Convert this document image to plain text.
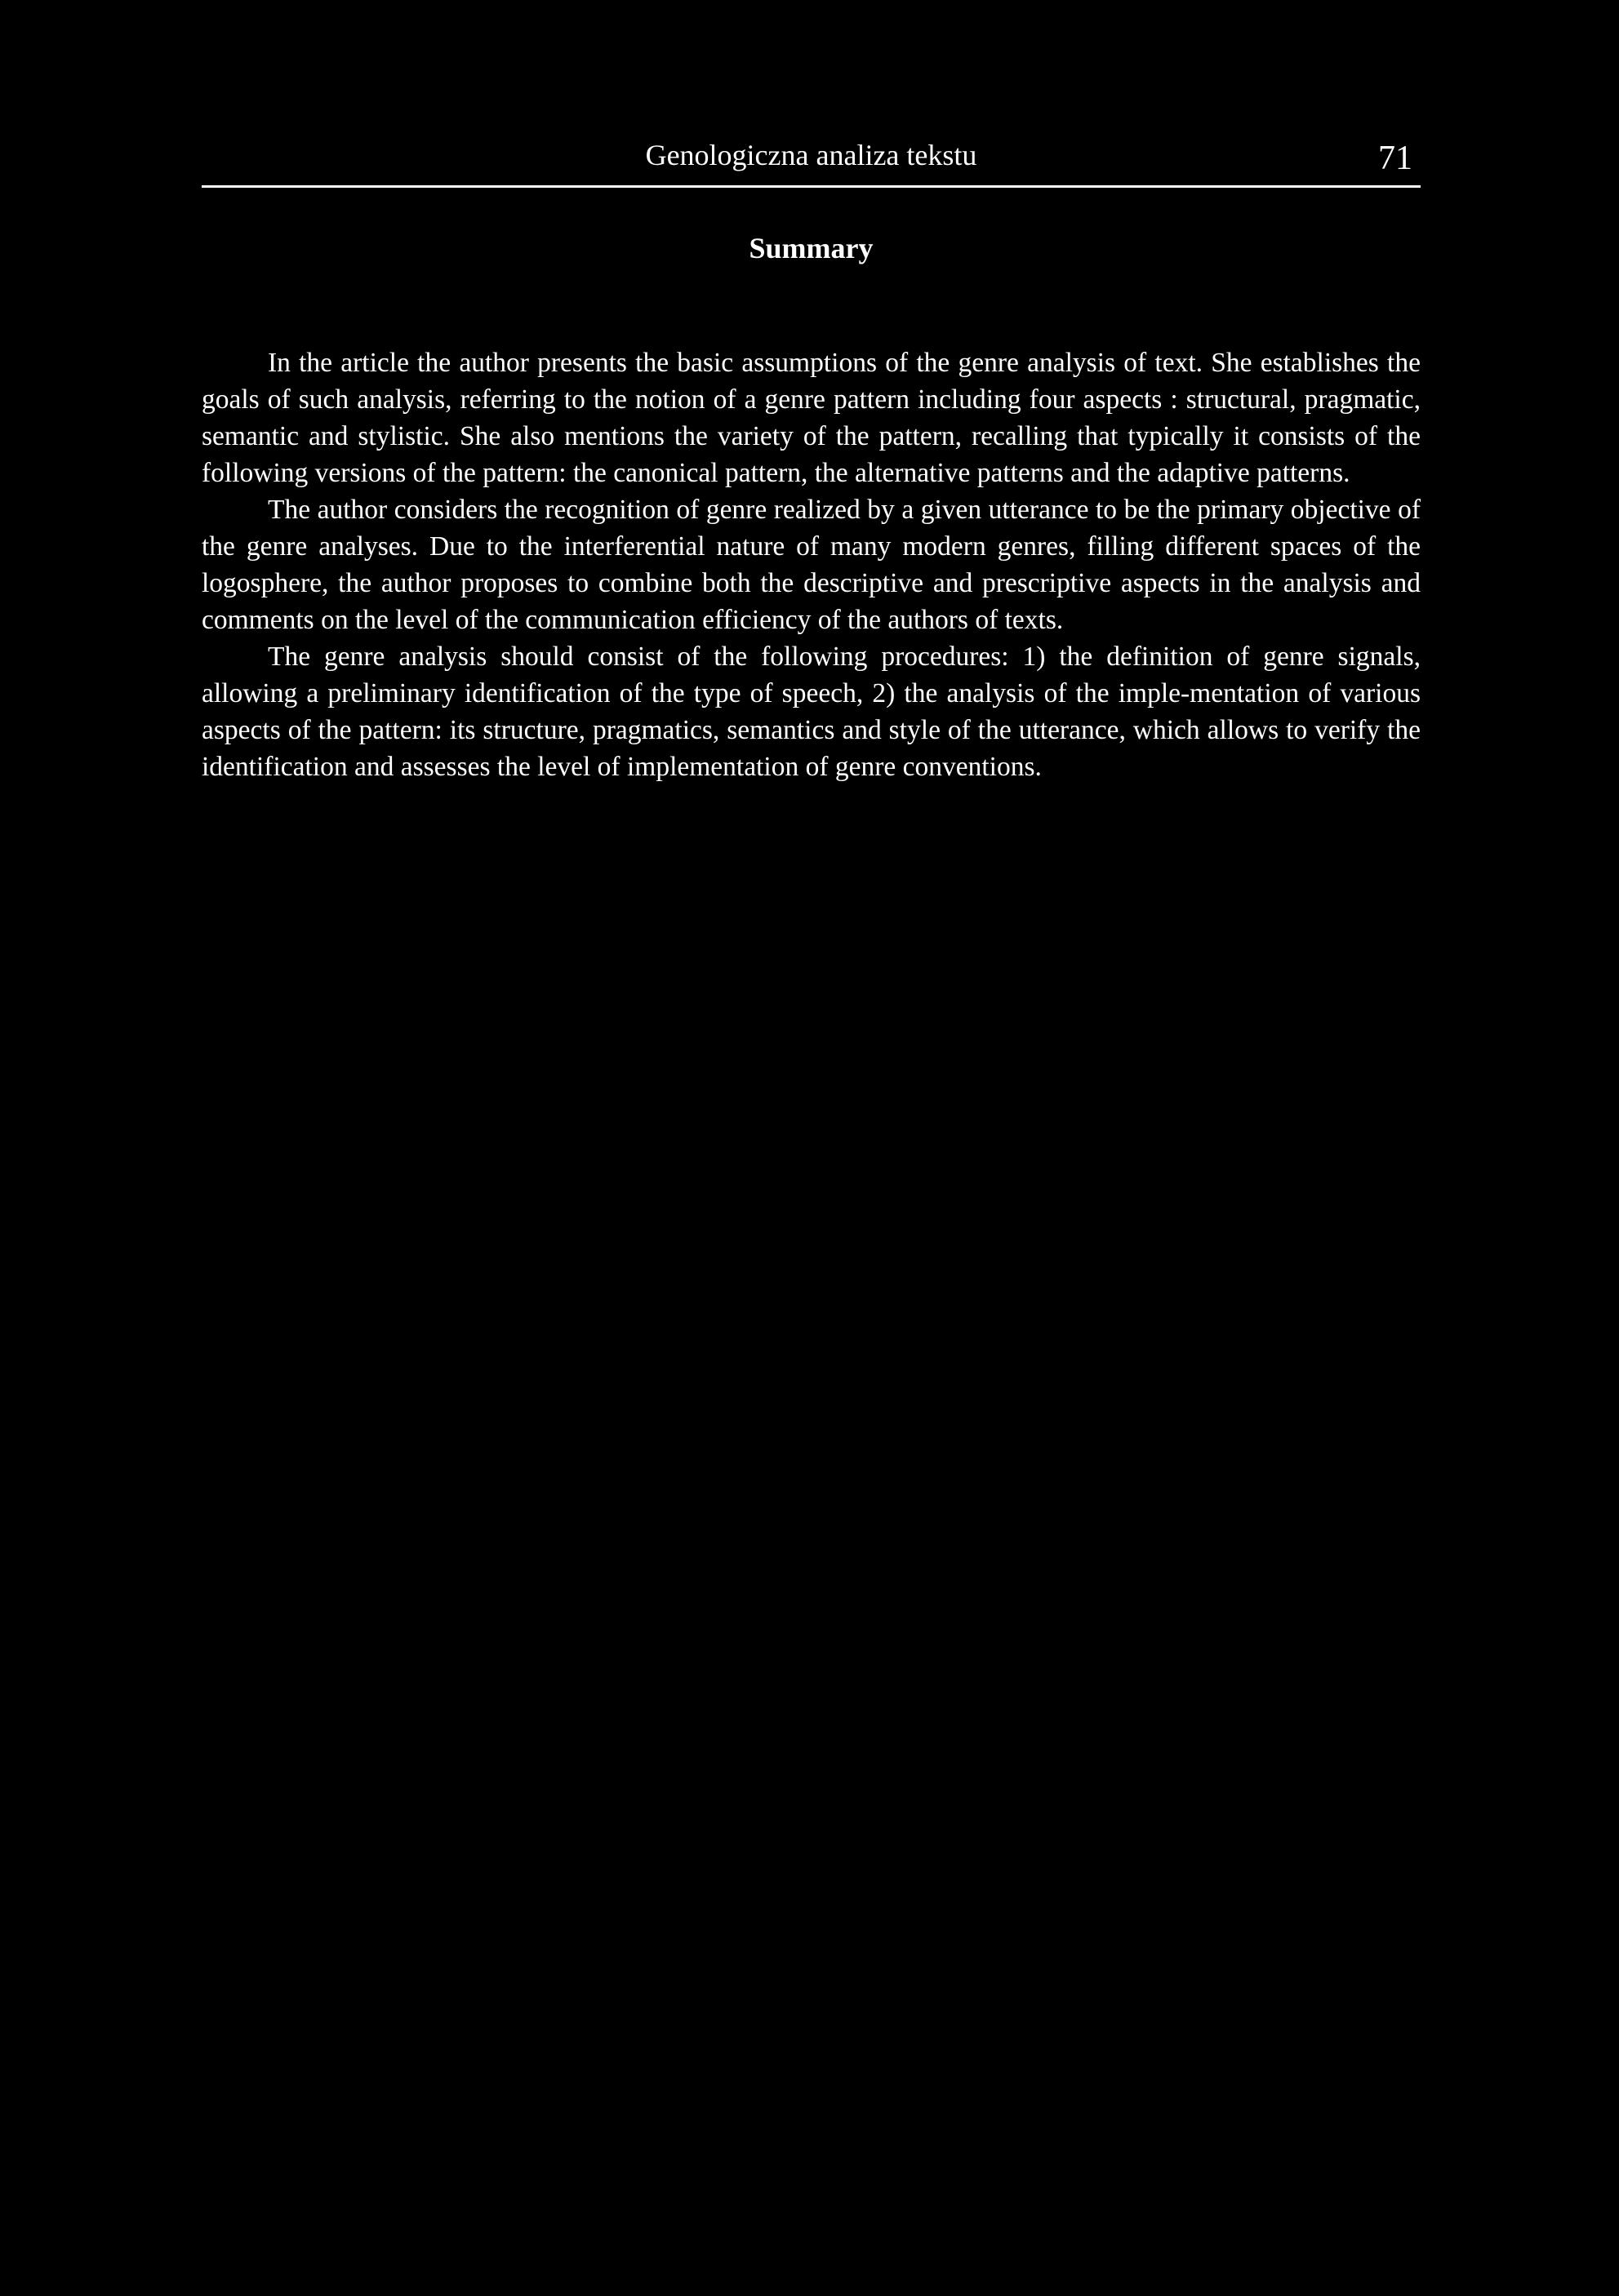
Genologiczna analiza tekstu	71
Summary

In the article the author presents the basic assumptions of the genre analysis of text. She establishes the goals of such analysis, referring to the notion of a genre pattern including four aspects : structural, pragmatic, semantic and stylistic. She also mentions the variety of the pattern, recalling that typically it consists of the following versions of the pattern: the canonical pattern, the alternative patterns and the adaptive patterns.

The author considers the recognition of genre realized by a given utterance to be the primary objective of the genre analyses. Due to the interferential nature of many modern genres, filling different spaces of the logosphere, the author proposes to combine both the descriptive and prescriptive aspects in the analysis and comments on the level of the communication efficiency of the authors of texts.

The genre analysis should consist of the following procedures: 1) the definition of genre signals, allowing a preliminary identification of the type of speech, 2) the analysis of the imple-mentation of various aspects of the pattern: its structure, pragmatics, semantics and style of the utterance, which allows to verify the identification and assesses the level of implementation of genre conventions.
